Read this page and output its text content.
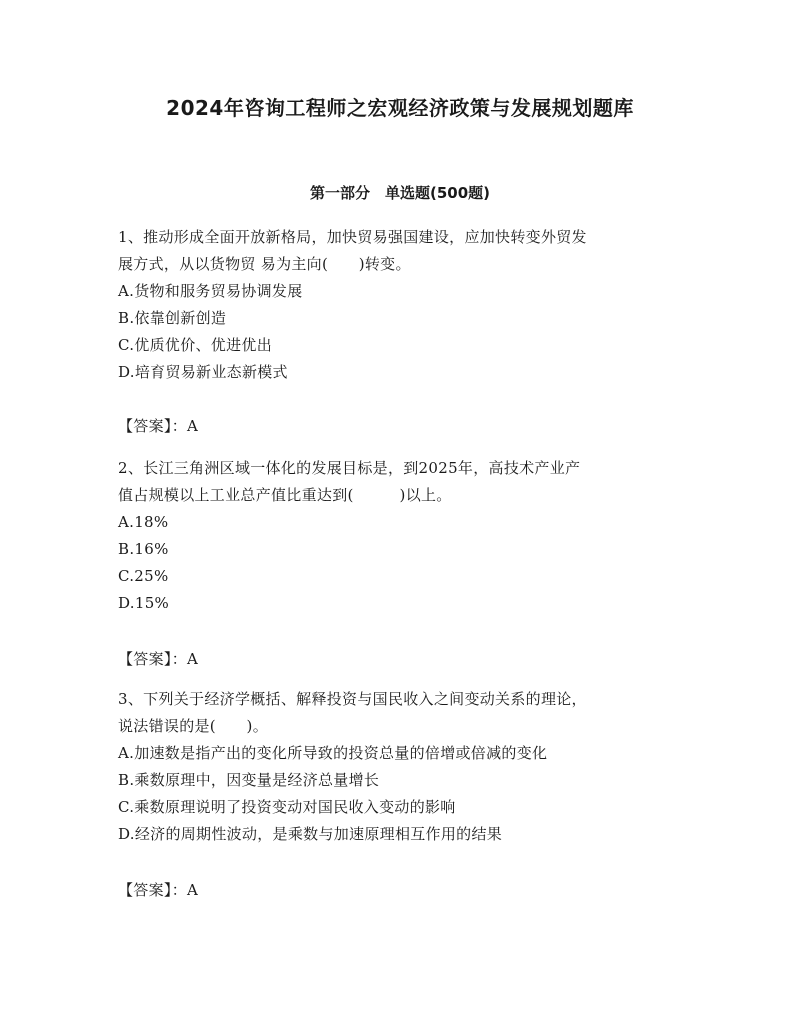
2024年咨询工程师之宏观经济政策与发展规划题库
第一部分　单选题(500题)
1、推动形成全面开放新格局，加快贸易强国建设，应加快转变外贸发
展方式，从以货物贸 易为主向(　　)转变。
A.货物和服务贸易协调发展
B.依靠创新创造
C.优质优价、优进优出
D.培育贸易新业态新模式
【答案】：A
2、长江三角洲区域一体化的发展目标是，到2025年，高技术产业产
值占规模以上工业总产值比重达到(　　　)以上。
A.18%
B.16%
C.25%
D.15%
【答案】：A
3、下列关于经济学概括、解释投资与国民收入之间变动关系的理论，
说法错误的是(　　)。
A.加速数是指产出的变化所导致的投资总量的倍增或倍减的变化
B.乘数原理中，因变量是经济总量增长
C.乘数原理说明了投资变动对国民收入变动的影响
D.经济的周期性波动，是乘数与加速原理相互作用的结果
【答案】：A
